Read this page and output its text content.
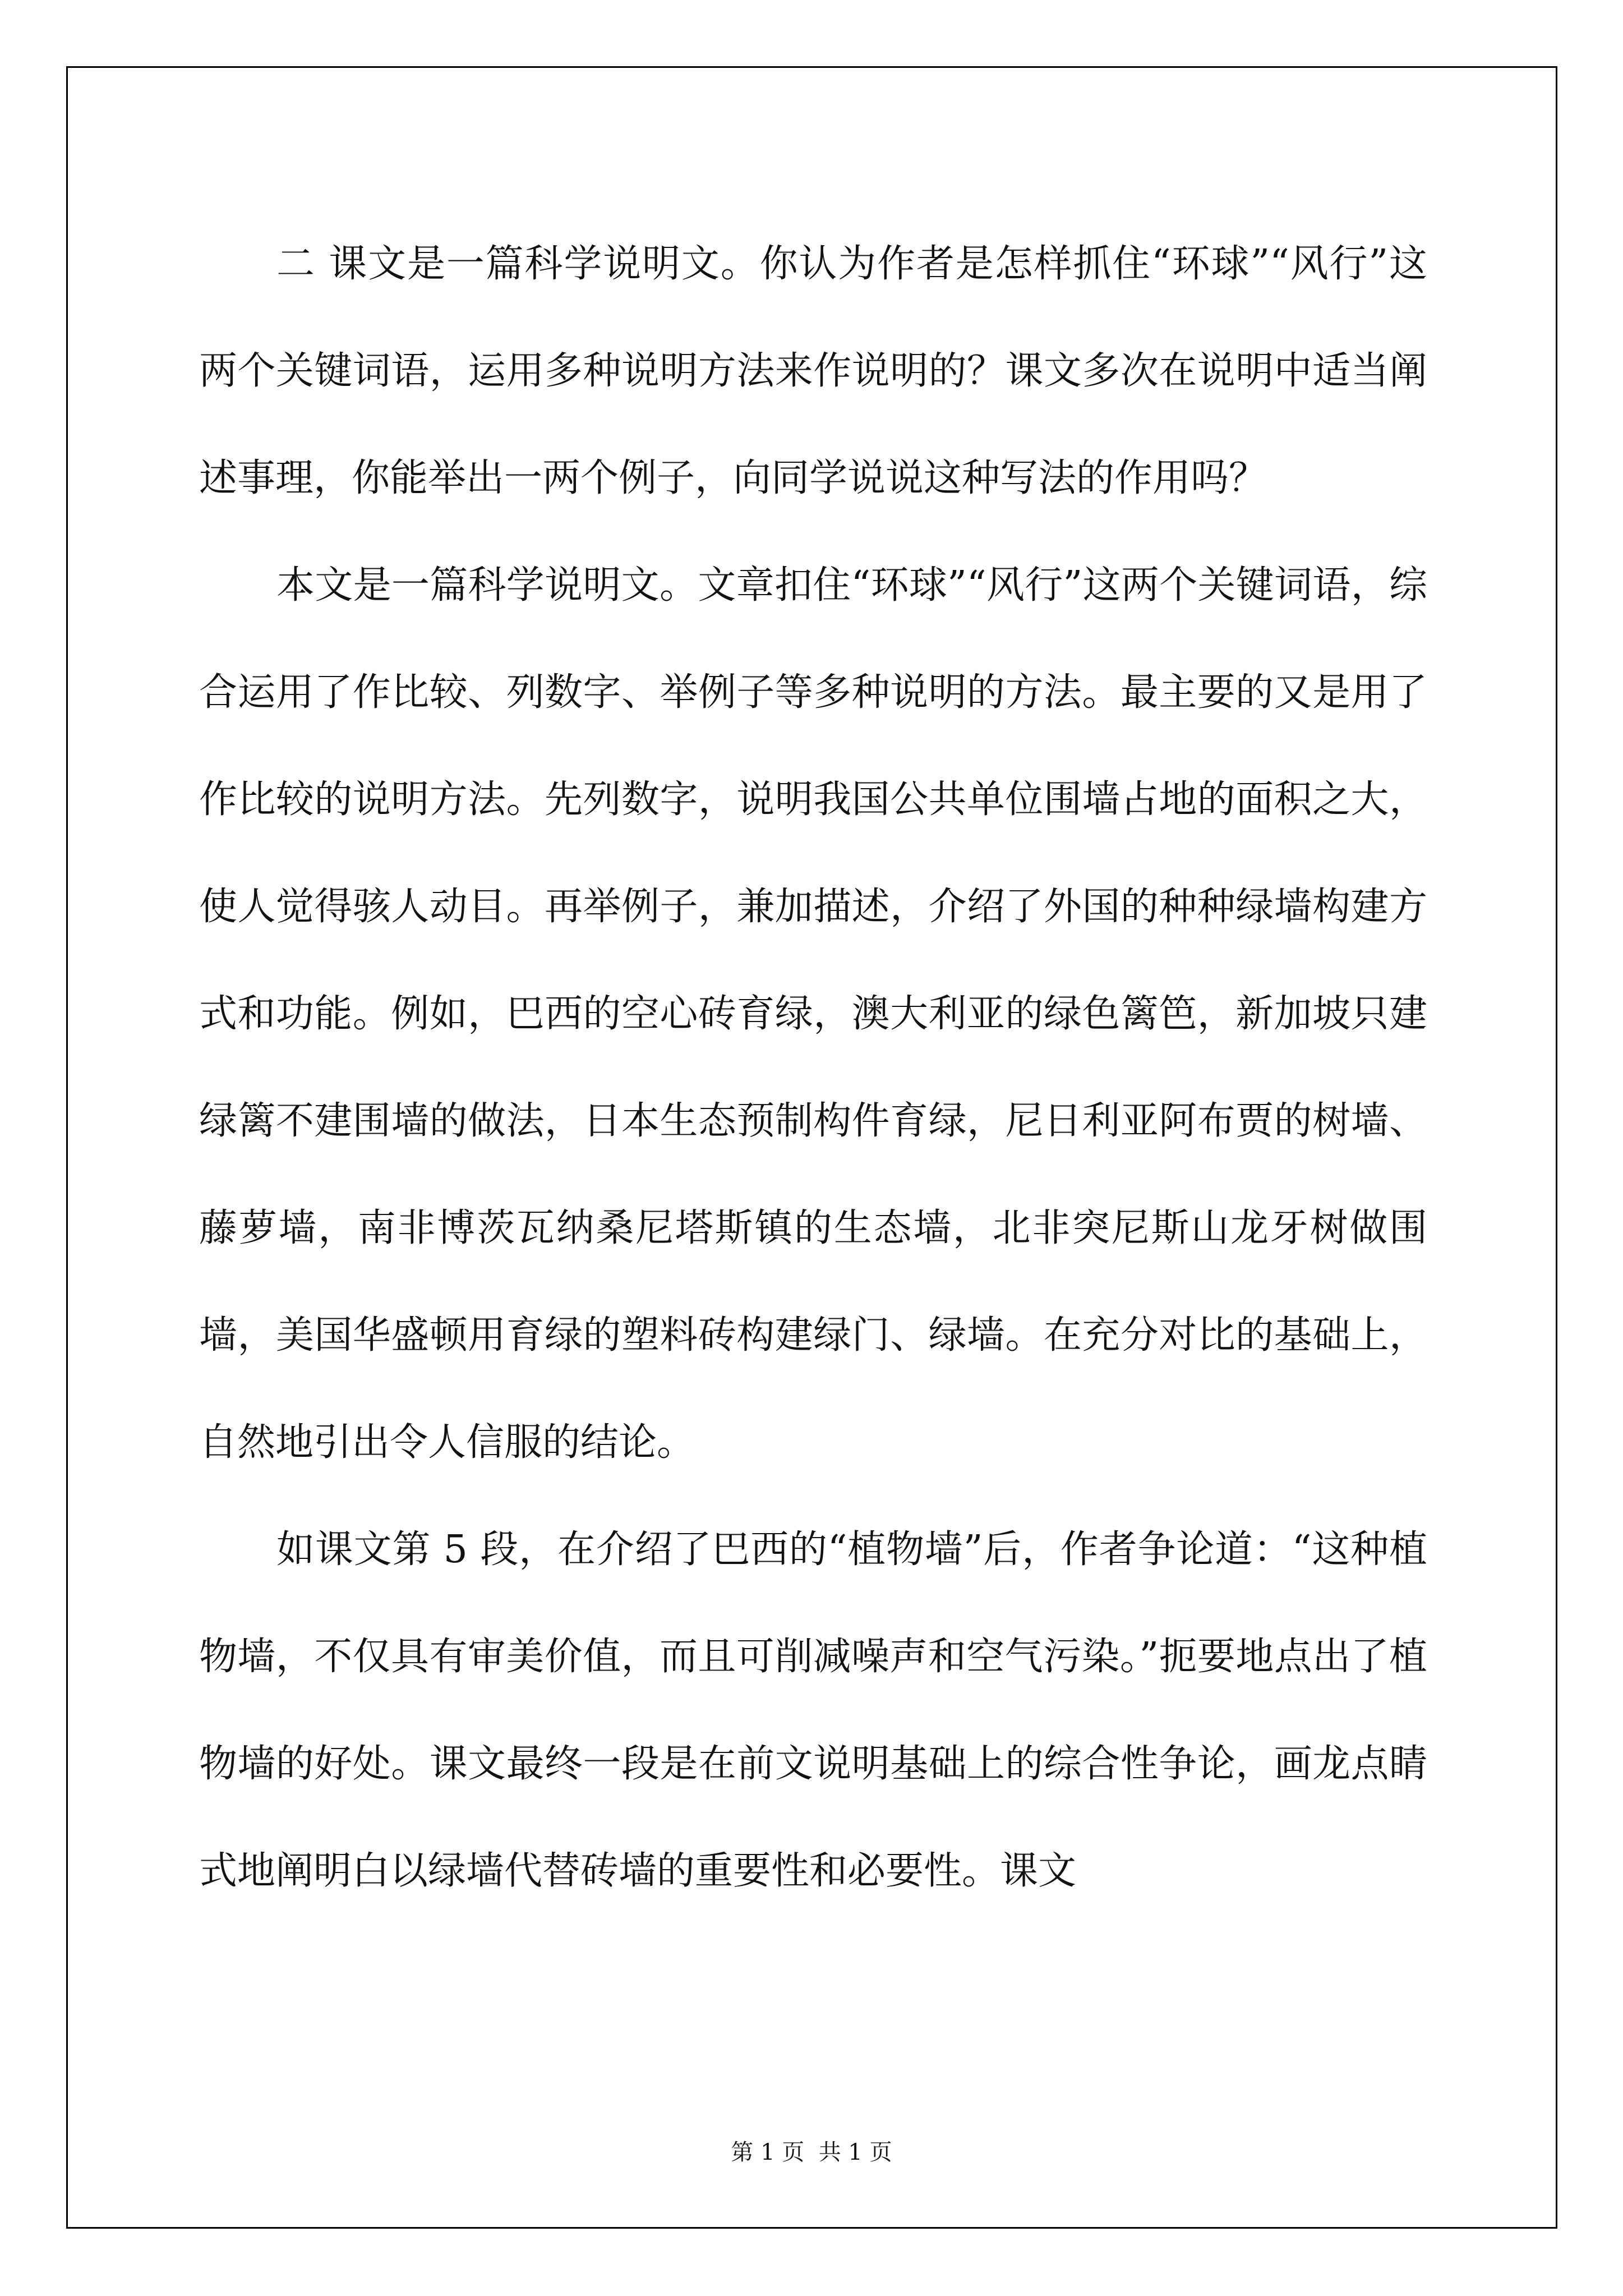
二 课文是一篇科学说明文。你认为作者是怎样抓住“环球”“风行”这两个关键词语，运用多种说明方法来作说明的？课文多次在说明中适当阐述事理，你能举出一两个例子，向同学说说这种写法的作用吗？

本文是一篇科学说明文。文章扣住“环球”“风行”这两个关键词语，综合运用了作比较、列数字、举例子等多种说明的方法。最主要的又是用了作比较的说明方法。先列数字，说明我国公共单位围墙占地的面积之大，使人觉得骇人动目。再举例子，兼加描述，介绍了外国的种种绿墙构建方式和功能。例如，巴西的空心砖育绿，澳大利亚的绿色篱笆，新加坡只建绿篱不建围墙的做法，日本生态预制构件育绿，尼日利亚阿布贾的树墙、藤萝墙，南非博茨瓦纳桑尼塔斯镇的生态墙，北非突尼斯山龙牙树做围墙，美国华盛顿用育绿的塑料砖构建绿门、绿墙。在充分对比的基础上，自然地引出令人信服的结论。

如课文第 5 段，在介绍了巴西的“植物墙”后，作者争论道：“这种植物墙，不仅具有审美价值，而且可削减噪声和空气污染。”扼要地点出了植物墙的好处。课文最终一段是在前文说明基础上的综合性争论，画龙点睛式地阐明白以绿墙代替砖墙的重要性和必要性。课文

第 1 页  共 1 页
